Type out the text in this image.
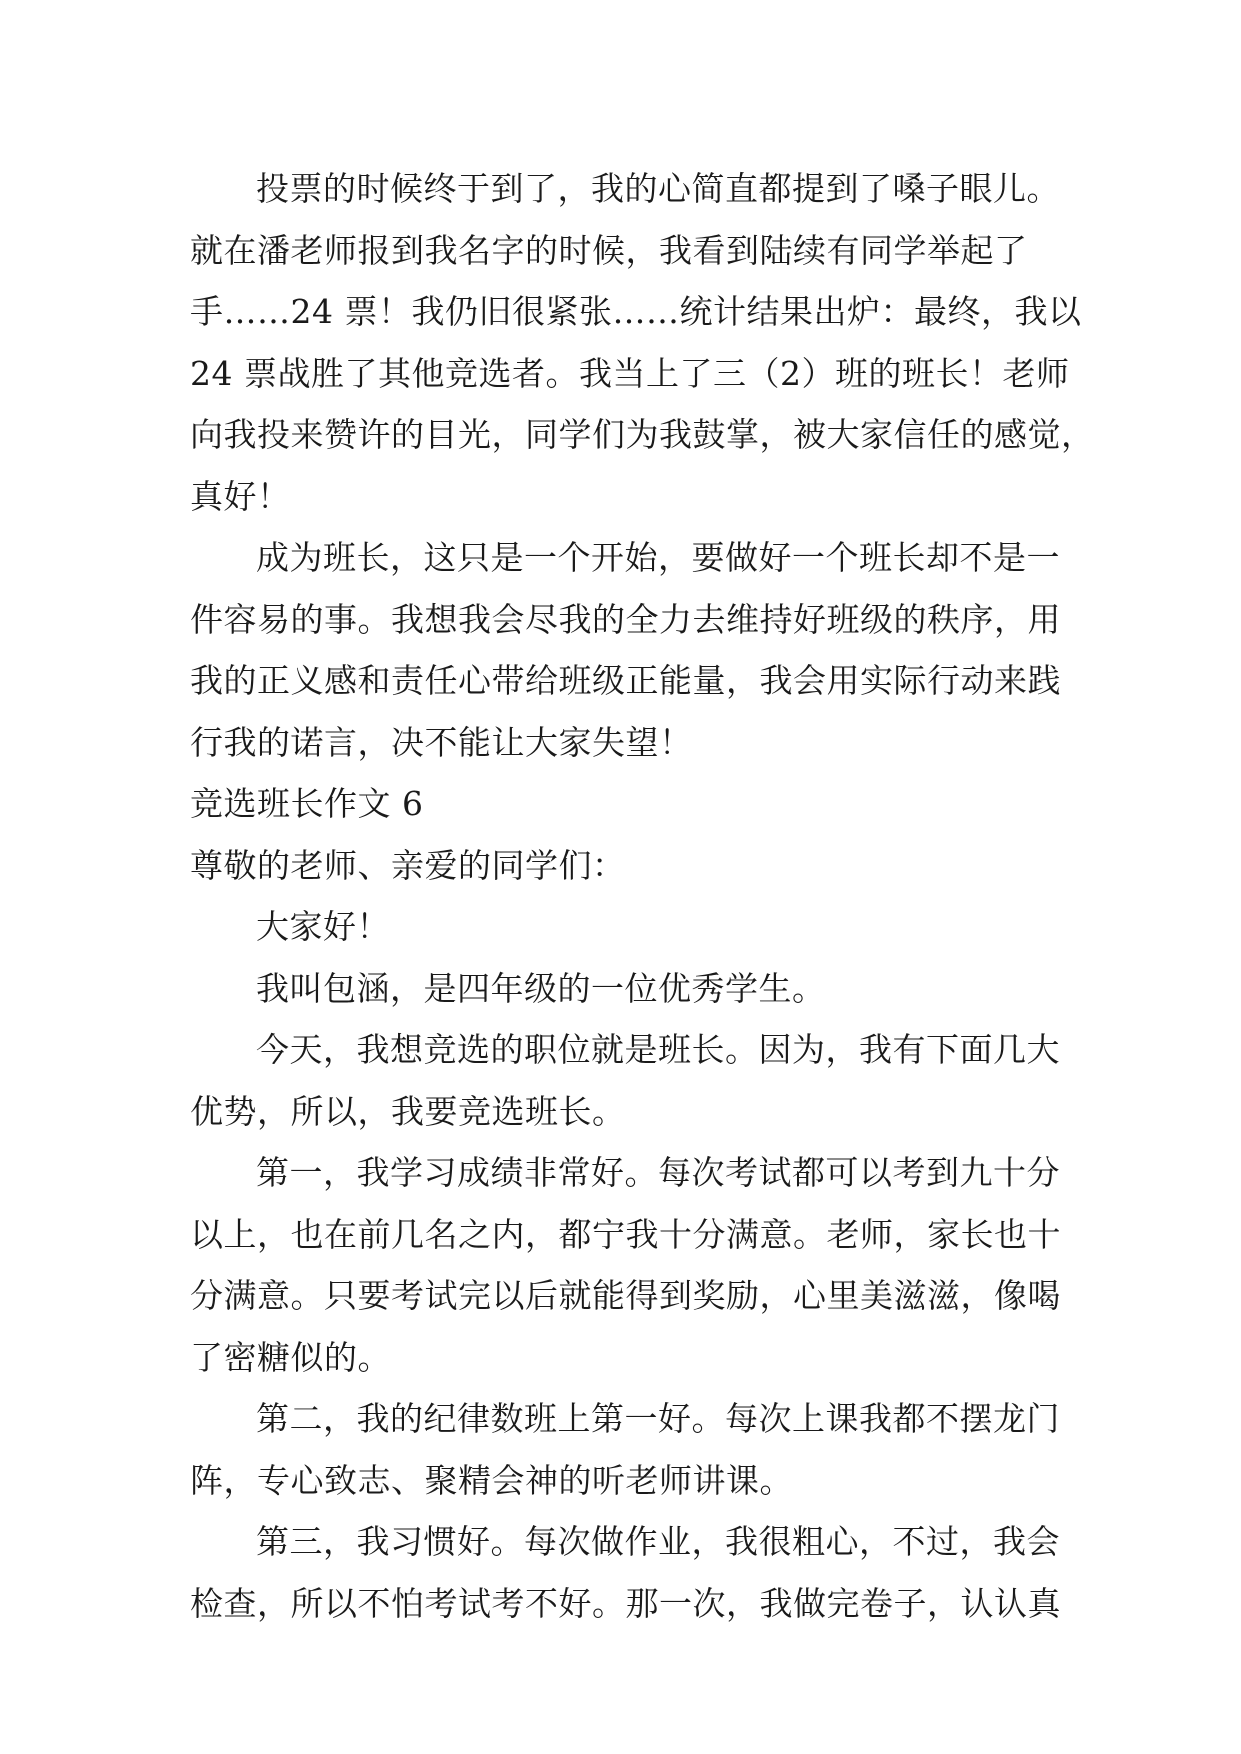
投票的时候终于到了，我的心简直都提到了嗓子眼儿。
就在潘老师报到我名字的时候，我看到陆续有同学举起了
手……24 票！我仍旧很紧张……统计结果出炉：最终，我以
24 票战胜了其他竞选者。我当上了三（2）班的班长！老师
向我投来赞许的目光，同学们为我鼓掌，被大家信任的感觉，
真好！
成为班长，这只是一个开始，要做好一个班长却不是一
件容易的事。我想我会尽我的全力去维持好班级的秩序，用
我的正义感和责任心带给班级正能量，我会用实际行动来践
行我的诺言，决不能让大家失望！
竞选班长作文 6
尊敬的老师、亲爱的同学们：
大家好！
我叫包涵，是四年级的一位优秀学生。
今天，我想竞选的职位就是班长。因为，我有下面几大
优势，所以，我要竞选班长。
第一，我学习成绩非常好。每次考试都可以考到九十分
以上，也在前几名之内，都宁我十分满意。老师，家长也十
分满意。只要考试完以后就能得到奖励，心里美滋滋，像喝
了密糖似的。
第二，我的纪律数班上第一好。每次上课我都不摆龙门
阵，专心致志、聚精会神的听老师讲课。
第三，我习惯好。每次做作业，我很粗心，不过，我会
检查，所以不怕考试考不好。那一次，我做完卷子，认认真
